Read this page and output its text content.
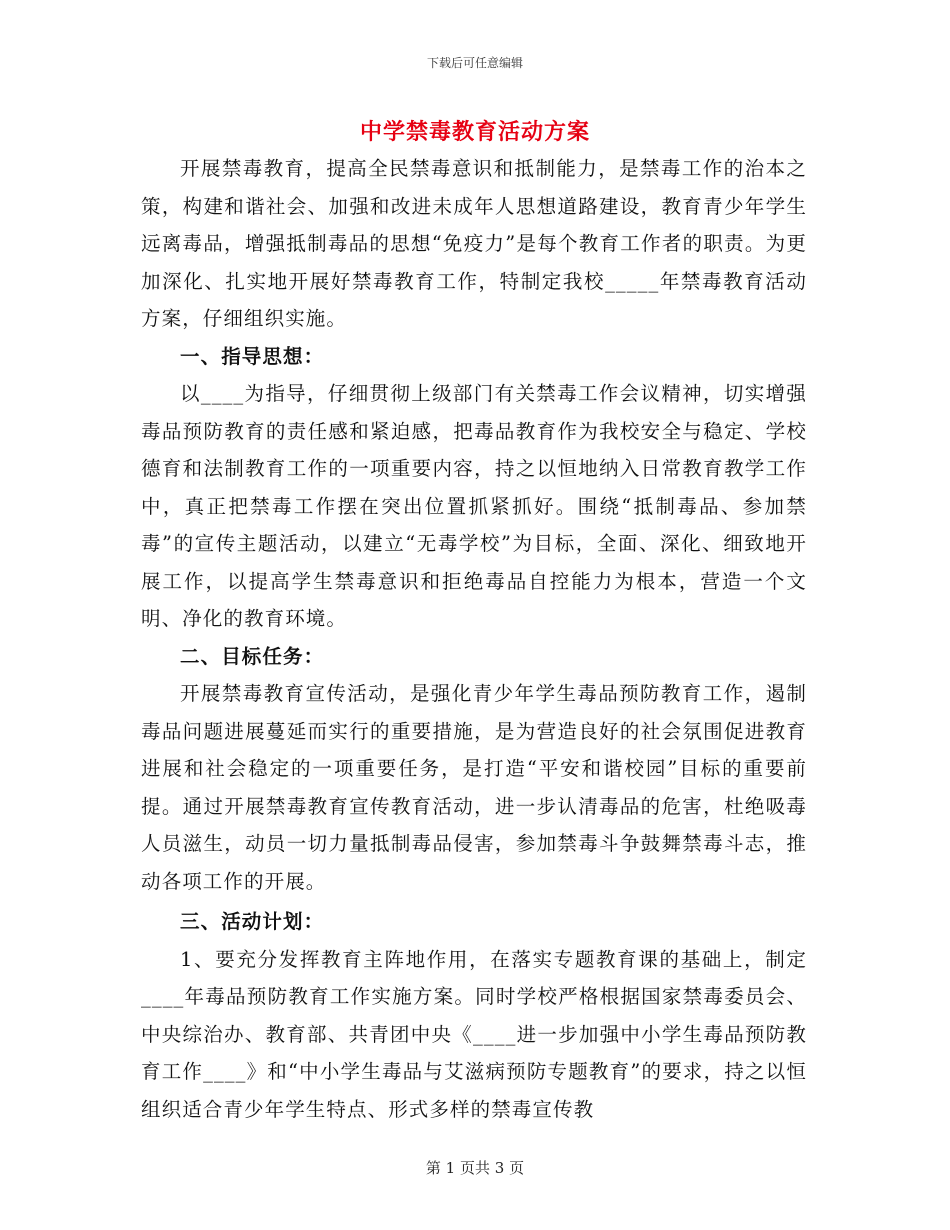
下载后可任意编辑
中学禁毒教育活动方案

开展禁毒教育，提高全民禁毒意识和抵制能力，是禁毒工作的治本之策，构建和谐社会、加强和改进未成年人思想道路建设，教育青少年学生远离毒品，增强抵制毒品的思想“免疫力”是每个教育工作者的职责。为更加深化、扎实地开展好禁毒教育工作，特制定我校_____年禁毒教育活动方案，仔细组织实施。

一、指导思想：

以____为指导，仔细贯彻上级部门有关禁毒工作会议精神，切实增强毒品预防教育的责任感和紧迫感，把毒品教育作为我校安全与稳定、学校德育和法制教育工作的一项重要内容，持之以恒地纳入日常教育教学工作中，真正把禁毒工作摆在突出位置抓紧抓好。围绕“抵制毒品、参加禁毒”的宣传主题活动，以建立“无毒学校”为目标，全面、深化、细致地开展工作，以提高学生禁毒意识和拒绝毒品自控能力为根本，营造一个文明、净化的教育环境。

二、目标任务：

开展禁毒教育宣传活动，是强化青少年学生毒品预防教育工作，遏制毒品问题进展蔓延而实行的重要措施，是为营造良好的社会氛围促进教育进展和社会稳定的一项重要任务，是打造“平安和谐校园”目标的重要前提。通过开展禁毒教育宣传教育活动，进一步认清毒品的危害，杜绝吸毒人员滋生，动员一切力量抵制毒品侵害，参加禁毒斗争鼓舞禁毒斗志，推动各项工作的开展。

三、活动计划：

1、要充分发挥教育主阵地作用，在落实专题教育课的基础上，制定____年毒品预防教育工作实施方案。同时学校严格根据国家禁毒委员会、中央综治办、教育部、共青团中央《____进一步加强中小学生毒品预防教育工作____》和“中小学生毒品与艾滋病预防专题教育”的要求，持之以恒组织适合青少年学生特点、形式多样的禁毒宣传教

第 1 页共 3 页
